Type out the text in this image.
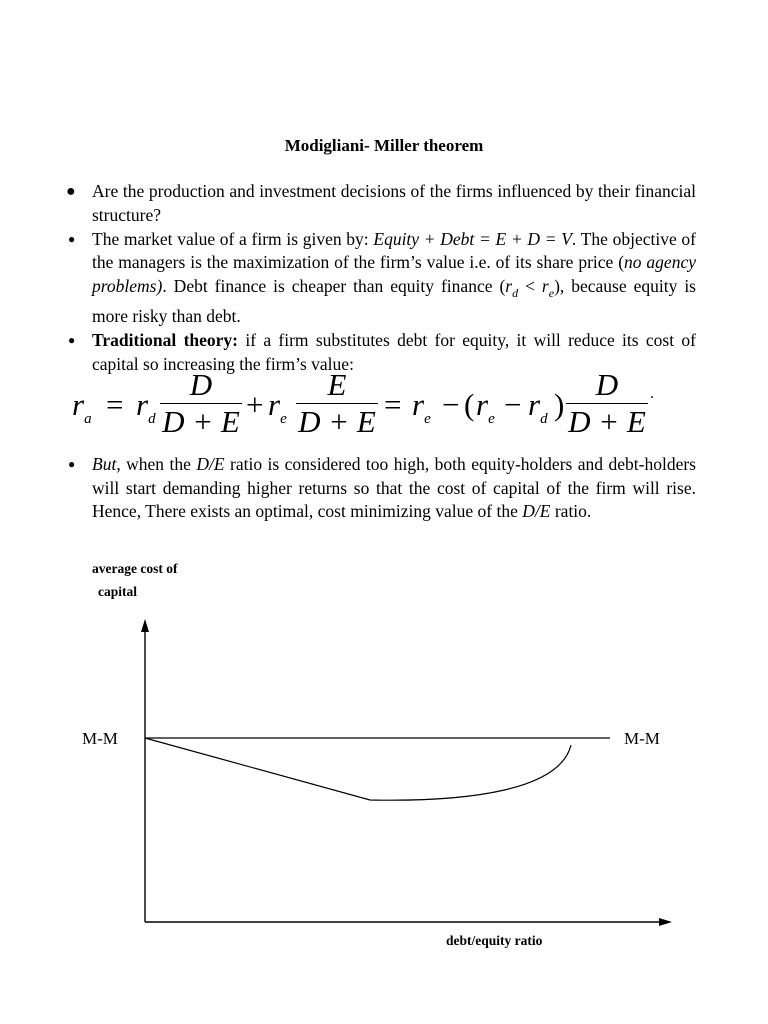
Modigliani- Miller theorem
● Are the production and investment decisions of the firms influenced by their financial structure?
● The market value of a firm is given by: Equity + Debt = E + D = V. The objective of the managers is the maximization of the firm’s value i.e. of its share price (no agency problems). Debt finance is cheaper than equity finance $(r_d < r_e)$, because equity is more risky than debt.
● Traditional theory: if a firm substitutes debt for equity, it will reduce its cost of capital so increasing the firm’s value:
● But, when the D/E ratio is considered too high, both equity-holders and debt-holders will start demanding higher returns so that the cost of capital of the firm will rise. Hence, There exists an optimal, cost minimizing value of the D/E ratio.
$r_a = r_d$
D
$D + E + r_e$
E
$D + E = r_e$ − ( $r_e - r_d$ )
D
D + E
.
average cost of
capital
M-M	M-M
debt/equity ratio
